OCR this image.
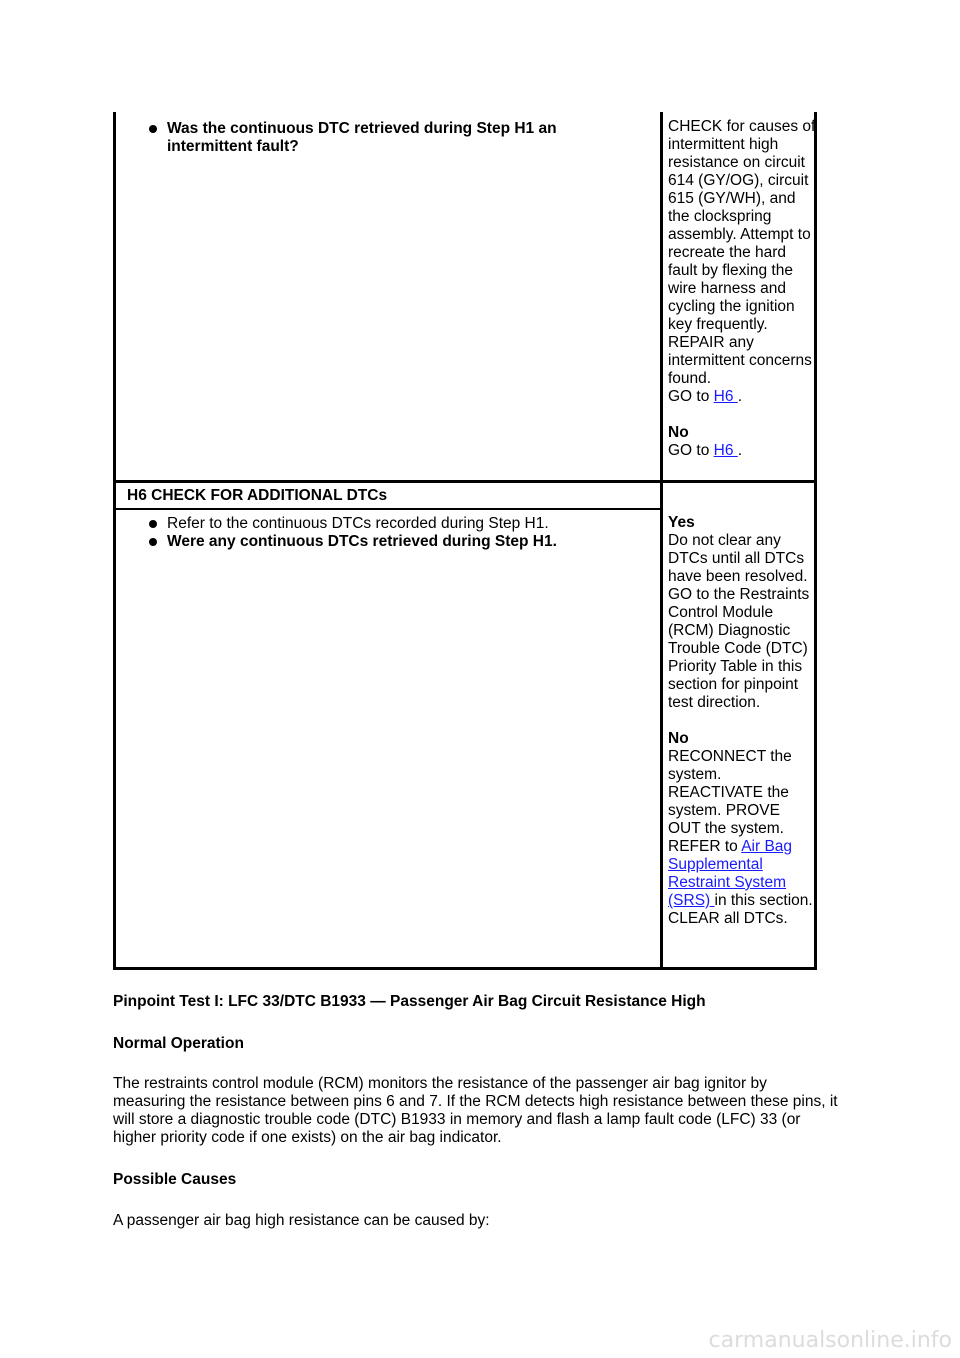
Was the continuous DTC retrieved during Step H1 an intermittent fault?

CHECK for causes of intermittent high resistance on circuit 614 (GY/OG), circuit 615 (GY/WH), and the clockspring assembly. Attempt to recreate the hard fault by flexing the wire harness and cycling the ignition key frequently. REPAIR any intermittent concerns found.

GO to H6 .

No

GO to H6 .

H6 CHECK FOR ADDITIONAL DTCs
Refer to the continuous DTCs recorded during Step H1.
Were any continuous DTCs retrieved during Step H1.

Yes

Do not clear any DTCs until all DTCs have been resolved. GO to the Restraints Control Module (RCM) Diagnostic Trouble Code (DTC) Priority Table in this section for pinpoint test direction.

No

RECONNECT the system. REACTIVATE the system. PROVE OUT the system. REFER to Air Bag Supplemental Restraint System (SRS) in this section. CLEAR all DTCs.

Pinpoint Test I: LFC 33/DTC B1933 — Passenger Air Bag Circuit Resistance High

Normal Operation

The restraints control module (RCM) monitors the resistance of the passenger air bag ignitor by measuring the resistance between pins 6 and 7. If the RCM detects high resistance between these pins, it will store a diagnostic trouble code (DTC) B1933 in memory and flash a lamp fault code (LFC) 33 (or higher priority code if one exists) on the air bag indicator.

Possible Causes

A passenger air bag high resistance can be caused by:

carmanualsonline.info
